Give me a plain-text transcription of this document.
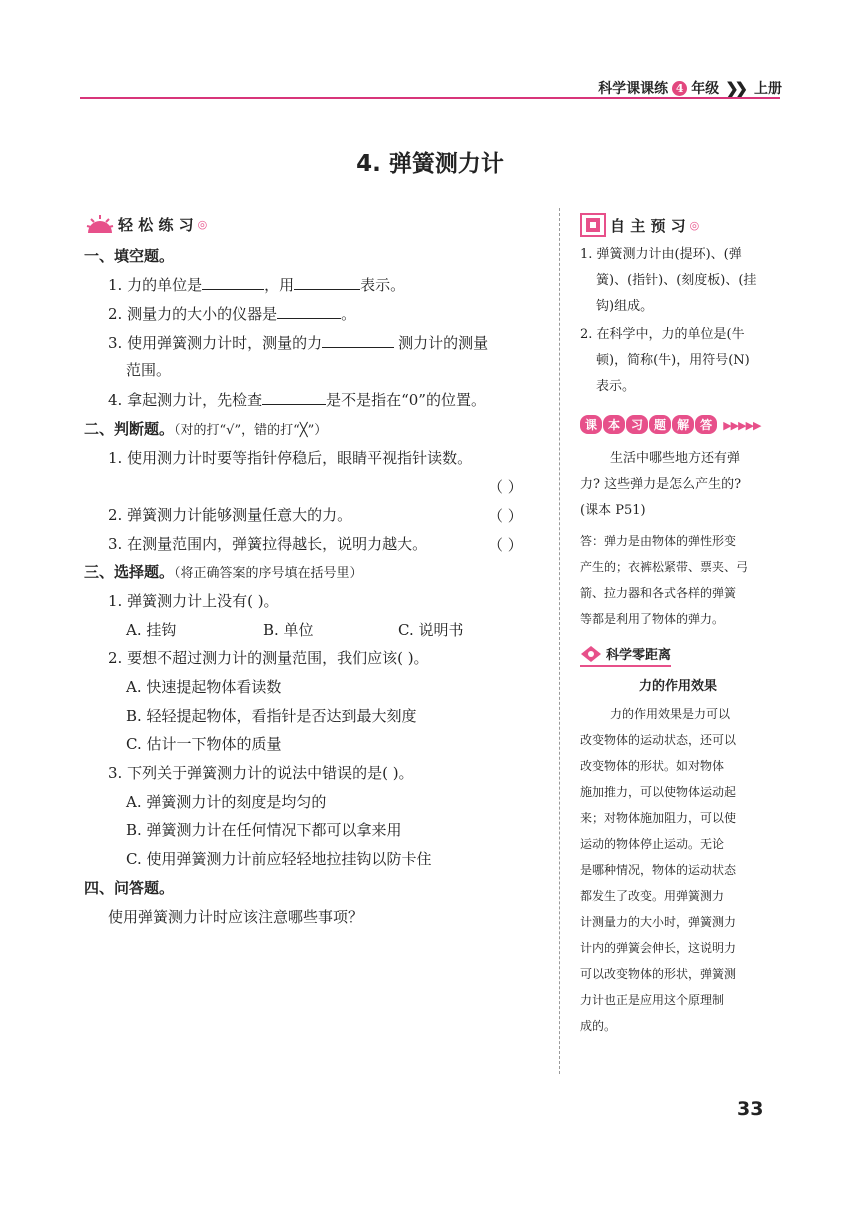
科学课课练 4 年级 ❯❯ 上册
4. 弹簧测力计
轻 松 练 习 ◎
一、填空题。
1. 力的单位是	，用	表示。
2. 测量力的大小的仪器是	。
3. 使用弹簧测力计时，测量的力	测力计的测量
范围。
4. 拿起测力计，先检查	是不是指在“0”的位置。
二、判断题。（对的打“√”，错的打“╳”）
1. 使用测力计时要等指针停稳后，眼睛平视指针读数。
（ ）
2. 弹簧测力计能够测量任意大的力。	（ ）
3. 在测量范围内，弹簧拉得越长，说明力越大。	（ ）
三、选择题。（将正确答案的序号填在括号里）
1. 弹簧测力计上没有( )。
A. 挂钩	B. 单位	C. 说明书
2. 要想不超过测力计的测量范围，我们应该( )。
A. 快速提起物体看读数
B. 轻轻提起物体，看指针是否达到最大刻度
C. 估计一下物体的质量
3. 下列关于弹簧测力计的说法中错误的是( )。
A. 弹簧测力计的刻度是均匀的
B. 弹簧测力计在任何情况下都可以拿来用
C. 使用弹簧测力计前应轻轻地拉挂钩以防卡住
四、问答题。
使用弹簧测力计时应该注意哪些事项？
自 主 预 习 ◎
1. 弹簧测力计由(提环)、(弹
簧)、(指针)、(刻度板)、(挂
钩)组成。
2. 在科学中，力的单位是(牛
顿)，简称(牛)，用符号(N)
表示。
课 本 习 题 解 答 ▶▶▶▶▶
生活中哪些地方还有弹
力? 这些弹力是怎么产生的?
(课本 P51)
答：弹力是由物体的弹性形变
产生的；衣裤松紧带、票夹、弓
箭、拉力器和各式各样的弹簧
等都是利用了物体的弹力。
科学零距离
力的作用效果
力的作用效果是力可以
改变物体的运动状态，还可以
改变物体的形状。如对物体
施加推力，可以使物体运动起
来；对物体施加阻力，可以使
运动的物体停止运动。无论
是哪种情况，物体的运动状态
都发生了改变。用弹簧测力
计测量力的大小时，弹簧测力
计内的弹簧会伸长，这说明力
可以改变物体的形状，弹簧测
力计也正是应用这个原理制
成的。
33
